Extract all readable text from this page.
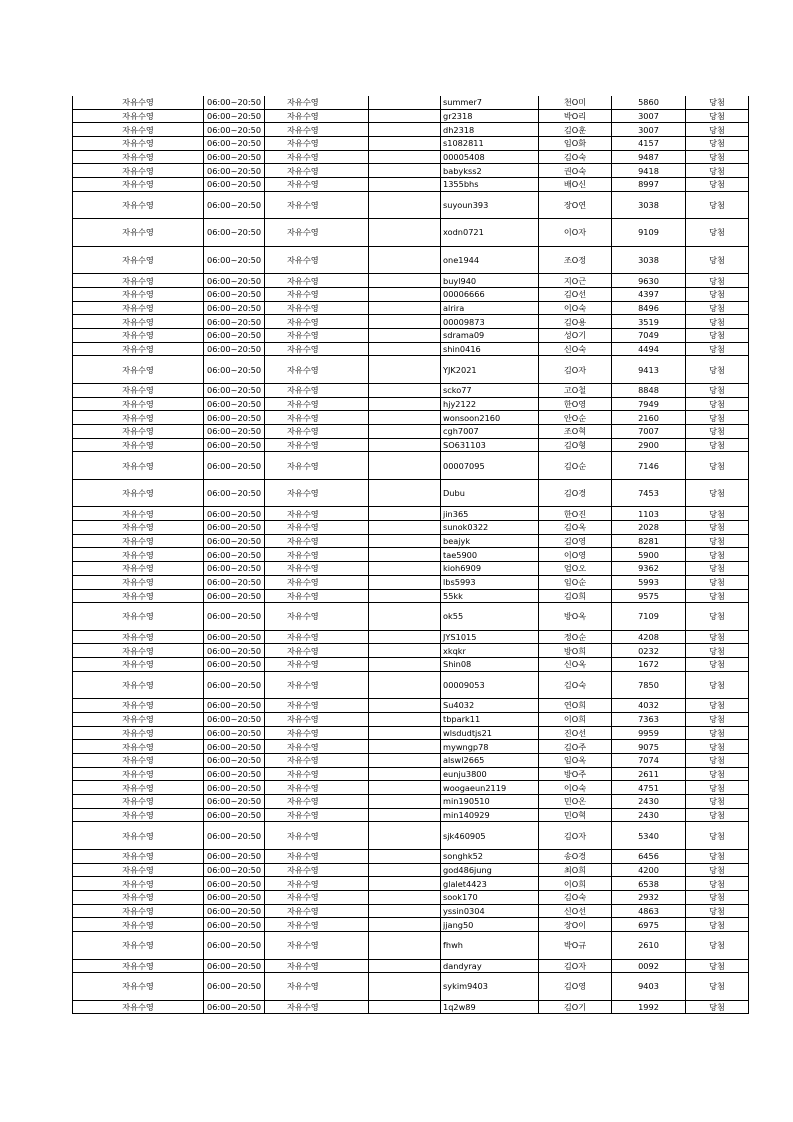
자유수영	06:00~20:50	자유수영		summer7	천O미	5860	당첨
자유수영	06:00~20:50	자유수영		gr2318	박O리	3007	당첨
자유수영	06:00~20:50	자유수영		dh2318	김O훈	3007	당첨
자유수영	06:00~20:50	자유수영		s1082811	임O화	4157	당첨
자유수영	06:00~20:50	자유수영		00005408	김O숙	9487	당첨
자유수영	06:00~20:50	자유수영		babykss2	권O숙	9418	당첨
자유수영	06:00~20:50	자유수영		1355bhs	배O신	8997	당첨
자유수영	06:00~20:50	자유수영		suyoun393	장O연	3038	당첨
자유수영	06:00~20:50	자유수영		xodn0721	이O자	9109	당첨
자유수영	06:00~20:50	자유수영		one1944	조O정	3038	당첨
자유수영	06:00~20:50	자유수영		buyl940	지O근	9630	당첨
자유수영	06:00~20:50	자유수영		00006666	김O선	4397	당첨
자유수영	06:00~20:50	자유수영		alrira	이O숙	8496	당첨
자유수영	06:00~20:50	자유수영		00009873	김O용	3519	당첨
자유수영	06:00~20:50	자유수영		sdrama09	성O기	7049	당첨
자유수영	06:00~20:50	자유수영		shin0416	신O숙	4494	당첨
자유수영	06:00~20:50	자유수영		YJK2021	김O자	9413	당첨
자유수영	06:00~20:50	자유수영		scko77	고O철	8848	당첨
자유수영	06:00~20:50	자유수영		hjy2122	한O영	7949	당첨
자유수영	06:00~20:50	자유수영		wonsoon2160	안O순	2160	당첨
자유수영	06:00~20:50	자유수영		cgh7007	조O혁	7007	당첨
자유수영	06:00~20:50	자유수영		SO631103	김O형	2900	당첨
자유수영	06:00~20:50	자유수영		00007095	김O순	7146	당첨
자유수영	06:00~20:50	자유수영		Dubu	김O경	7453	당첨
자유수영	06:00~20:50	자유수영		jin365	한O진	1103	당첨
자유수영	06:00~20:50	자유수영		sunok0322	김O옥	2028	당첨
자유수영	06:00~20:50	자유수영		beajyk	김O영	8281	당첨
자유수영	06:00~20:50	자유수영		tae5900	이O영	5900	당첨
자유수영	06:00~20:50	자유수영		kioh6909	엄O오	9362	당첨
자유수영	06:00~20:50	자유수영		lbs5993	임O순	5993	당첨
자유수영	06:00~20:50	자유수영		55kk	김O희	9575	당첨
자유수영	06:00~20:50	자유수영		ok55	방O옥	7109	당첨
자유수영	06:00~20:50	자유수영		JYS1015	정O순	4208	당첨
자유수영	06:00~20:50	자유수영		xkqkr	방O희	0232	당첨
자유수영	06:00~20:50	자유수영		Shin08	신O옥	1672	당첨
자유수영	06:00~20:50	자유수영		00009053	김O숙	7850	당첨
자유수영	06:00~20:50	자유수영		Su4032	연O희	4032	당첨
자유수영	06:00~20:50	자유수영		tbpark11	이O희	7363	당첨
자유수영	06:00~20:50	자유수영		wlsdudtjs21	진O선	9959	당첨
자유수영	06:00~20:50	자유수영		mywngp78	김O주	9075	당첨
자유수영	06:00~20:50	자유수영		alswl2665	임O옥	7074	당첨
자유수영	06:00~20:50	자유수영		eunju3800	방O주	2611	당첨
자유수영	06:00~20:50	자유수영		woogaeun2119	이O숙	4751	당첨
자유수영	06:00~20:50	자유수영		min190510	민O온	2430	당첨
자유수영	06:00~20:50	자유수영		min140929	민O혁	2430	당첨
자유수영	06:00~20:50	자유수영		sjk460905	김O자	5340	당첨
자유수영	06:00~20:50	자유수영		songhk52	송O경	6456	당첨
자유수영	06:00~20:50	자유수영		god486jung	최O희	4200	당첨
자유수영	06:00~20:50	자유수영		glalet4423	이O희	6538	당첨
자유수영	06:00~20:50	자유수영		sook170	김O숙	2932	당첨
자유수영	06:00~20:50	자유수영		yssin0304	신O선	4863	당첨
자유수영	06:00~20:50	자유수영		jjang50	장O이	6975	당첨
자유수영	06:00~20:50	자유수영		fhwh	박O규	2610	당첨
자유수영	06:00~20:50	자유수영		dandyray	김O자	0092	당첨
자유수영	06:00~20:50	자유수영		sykim9403	김O영	9403	당첨
자유수영	06:00~20:50	자유수영		1q2w89	김O기	1992	당첨
